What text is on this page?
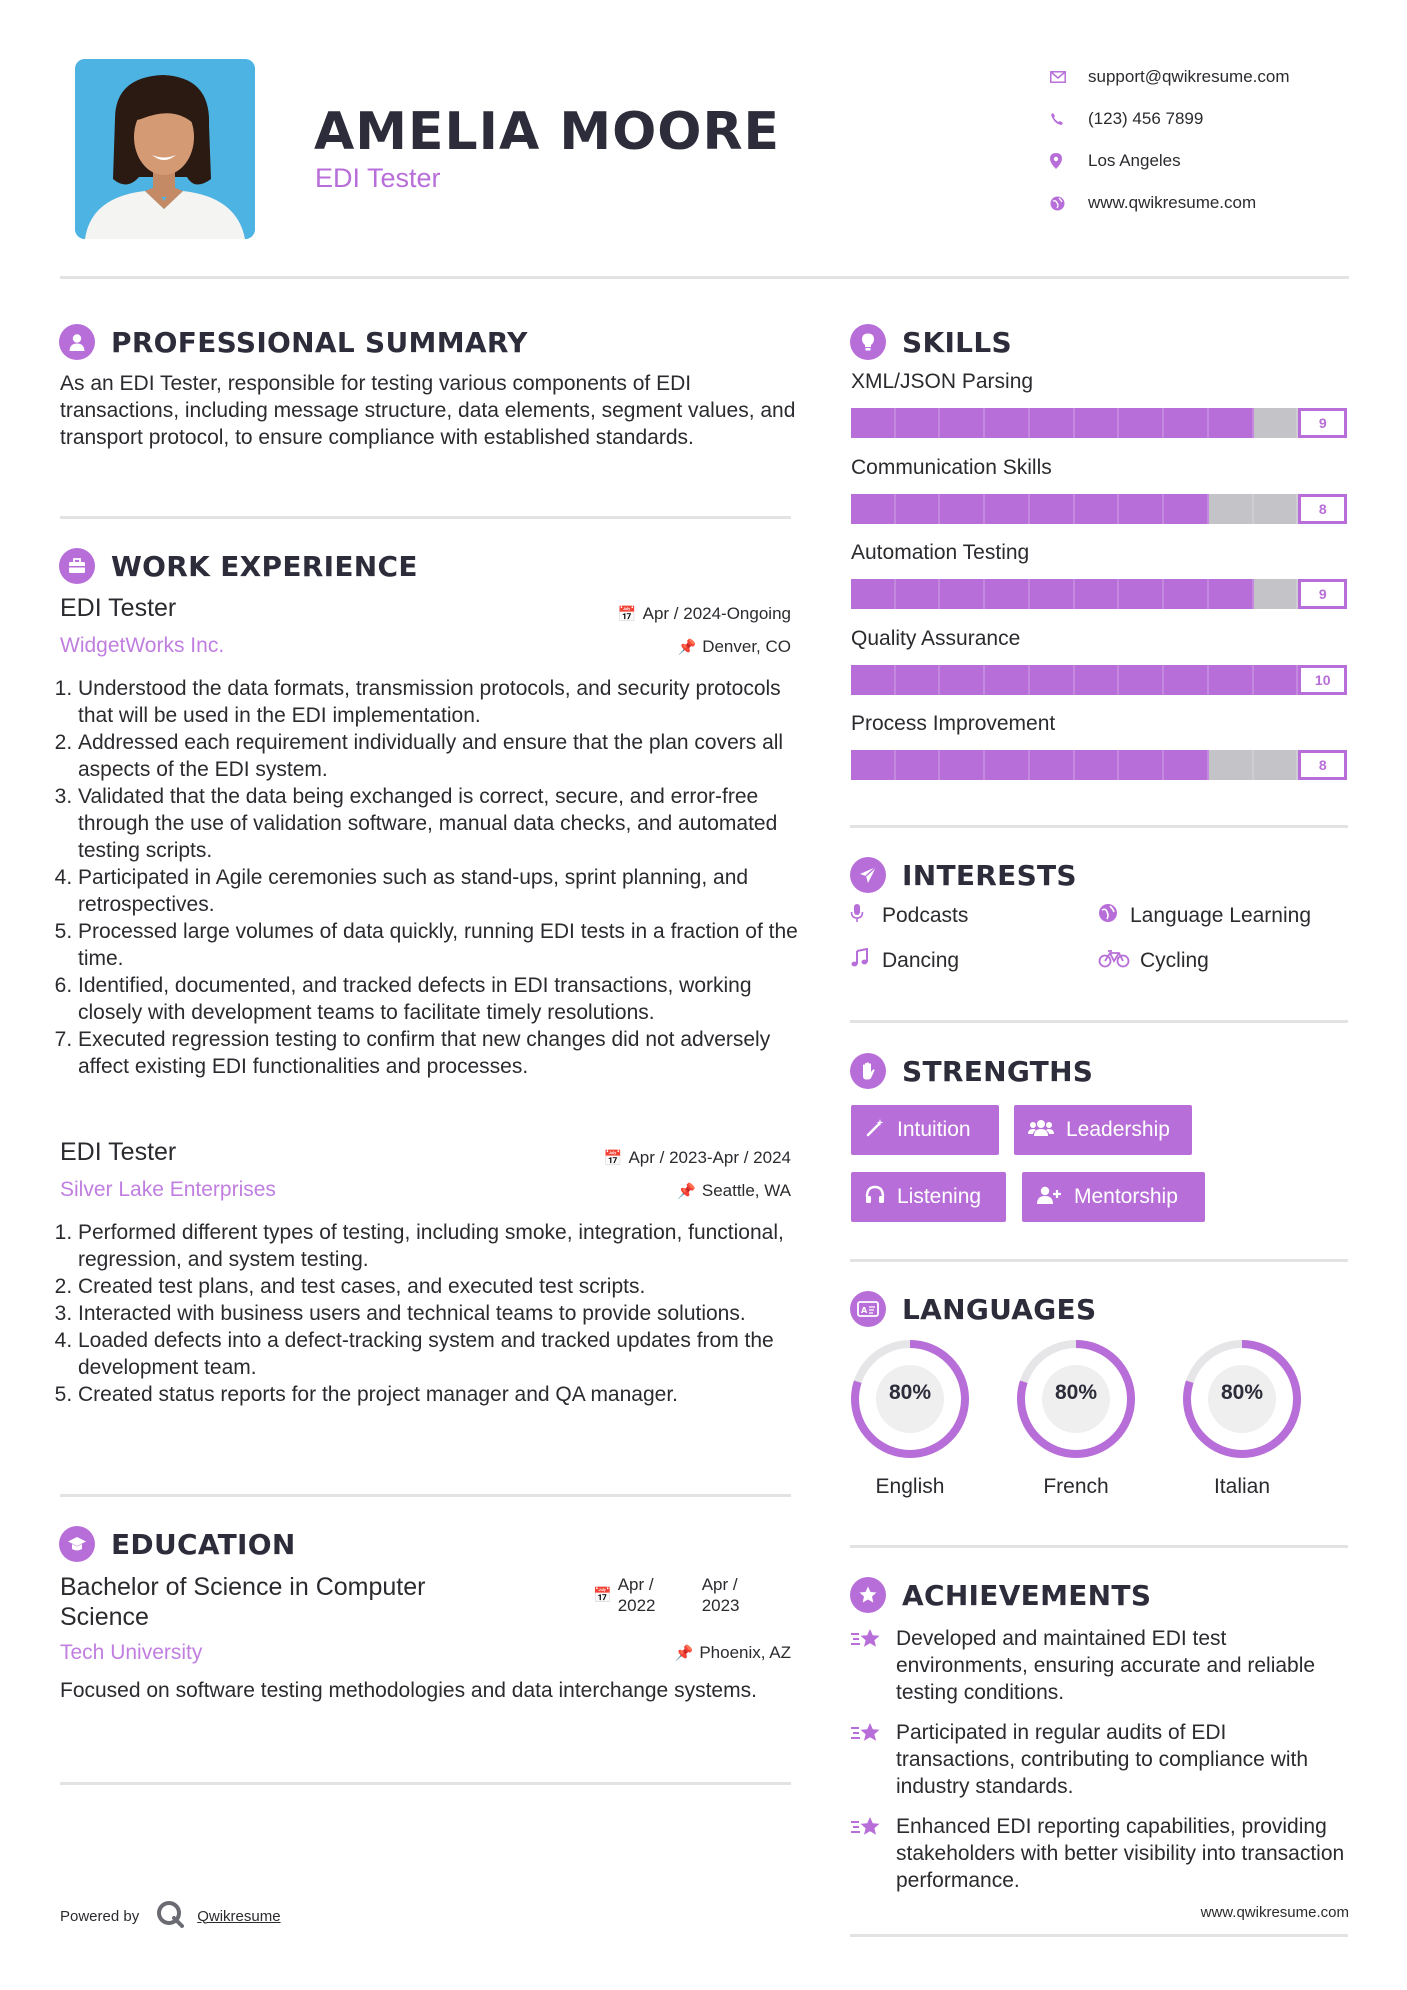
AMELIA MOORE
EDI Tester
support@qwikresume.com
(123) 456 7899
Los Angeles
www.qwikresume.com
PROFESSIONAL SUMMARY

As an EDI Tester, responsible for testing various components of EDI transactions, including message structure, data elements, segment values, and transport protocol, to ensure compliance with established standards.

WORK EXPERIENCE
EDI Tester	📅 Apr / 2024-Ongoing
WidgetWorks Inc.	📌 Denver, CO
1. Understood the data formats, transmission protocols, and security protocols that will be used in the EDI implementation.
2. Addressed each requirement individually and ensure that the plan covers all aspects of the EDI system.
3. Validated that the data being exchanged is correct, secure, and error-free through the use of validation software, manual data checks, and automated testing scripts.
4. Participated in Agile ceremonies such as stand-ups, sprint planning, and retrospectives.
5. Processed large volumes of data quickly, running EDI tests in a fraction of the time.
6. Identified, documented, and tracked defects in EDI transactions, working closely with development teams to facilitate timely resolutions.
7. Executed regression testing to confirm that new changes did not adversely affect existing EDI functionalities and processes.
EDI Tester	📅 Apr / 2023-Apr / 2024
Silver Lake Enterprises	📌 Seattle, WA
1. Performed different types of testing, including smoke, integration, functional, regression, and system testing.
2. Created test plans, and test cases, and executed test scripts.
3. Interacted with business users and technical teams to provide solutions.
4. Loaded defects into a defect-tracking system and tracked updates from the development team.
5. Created status reports for the project manager and QA manager.
EDUCATION
Bachelor of Science in Computer Science
📅
Apr / 2022
Apr / 2023
Tech University	📌 Phoenix, AZ

Focused on software testing methodologies and data interchange systems.

SKILLS
XML/JSON Parsing
9
Communication Skills
8
Automation Testing
9
Quality Assurance
10
Process Improvement
8
INTERESTS
Podcasts	Language Learning
Dancing	Cycling
STRENGTHS
Intuition	Leadership
Listening	Mentorship
A LANGUAGES
80%
English
80%
French
80%
Italian
ACHIEVEMENTS
Developed and maintained EDI test environments, ensuring accurate and reliable testing conditions.
Participated in regular audits of EDI transactions, contributing to compliance with industry standards.
Enhanced EDI reporting capabilities, providing stakeholders with better visibility into transaction performance.
Powered by	Qwikresume	www.qwikresume.com
